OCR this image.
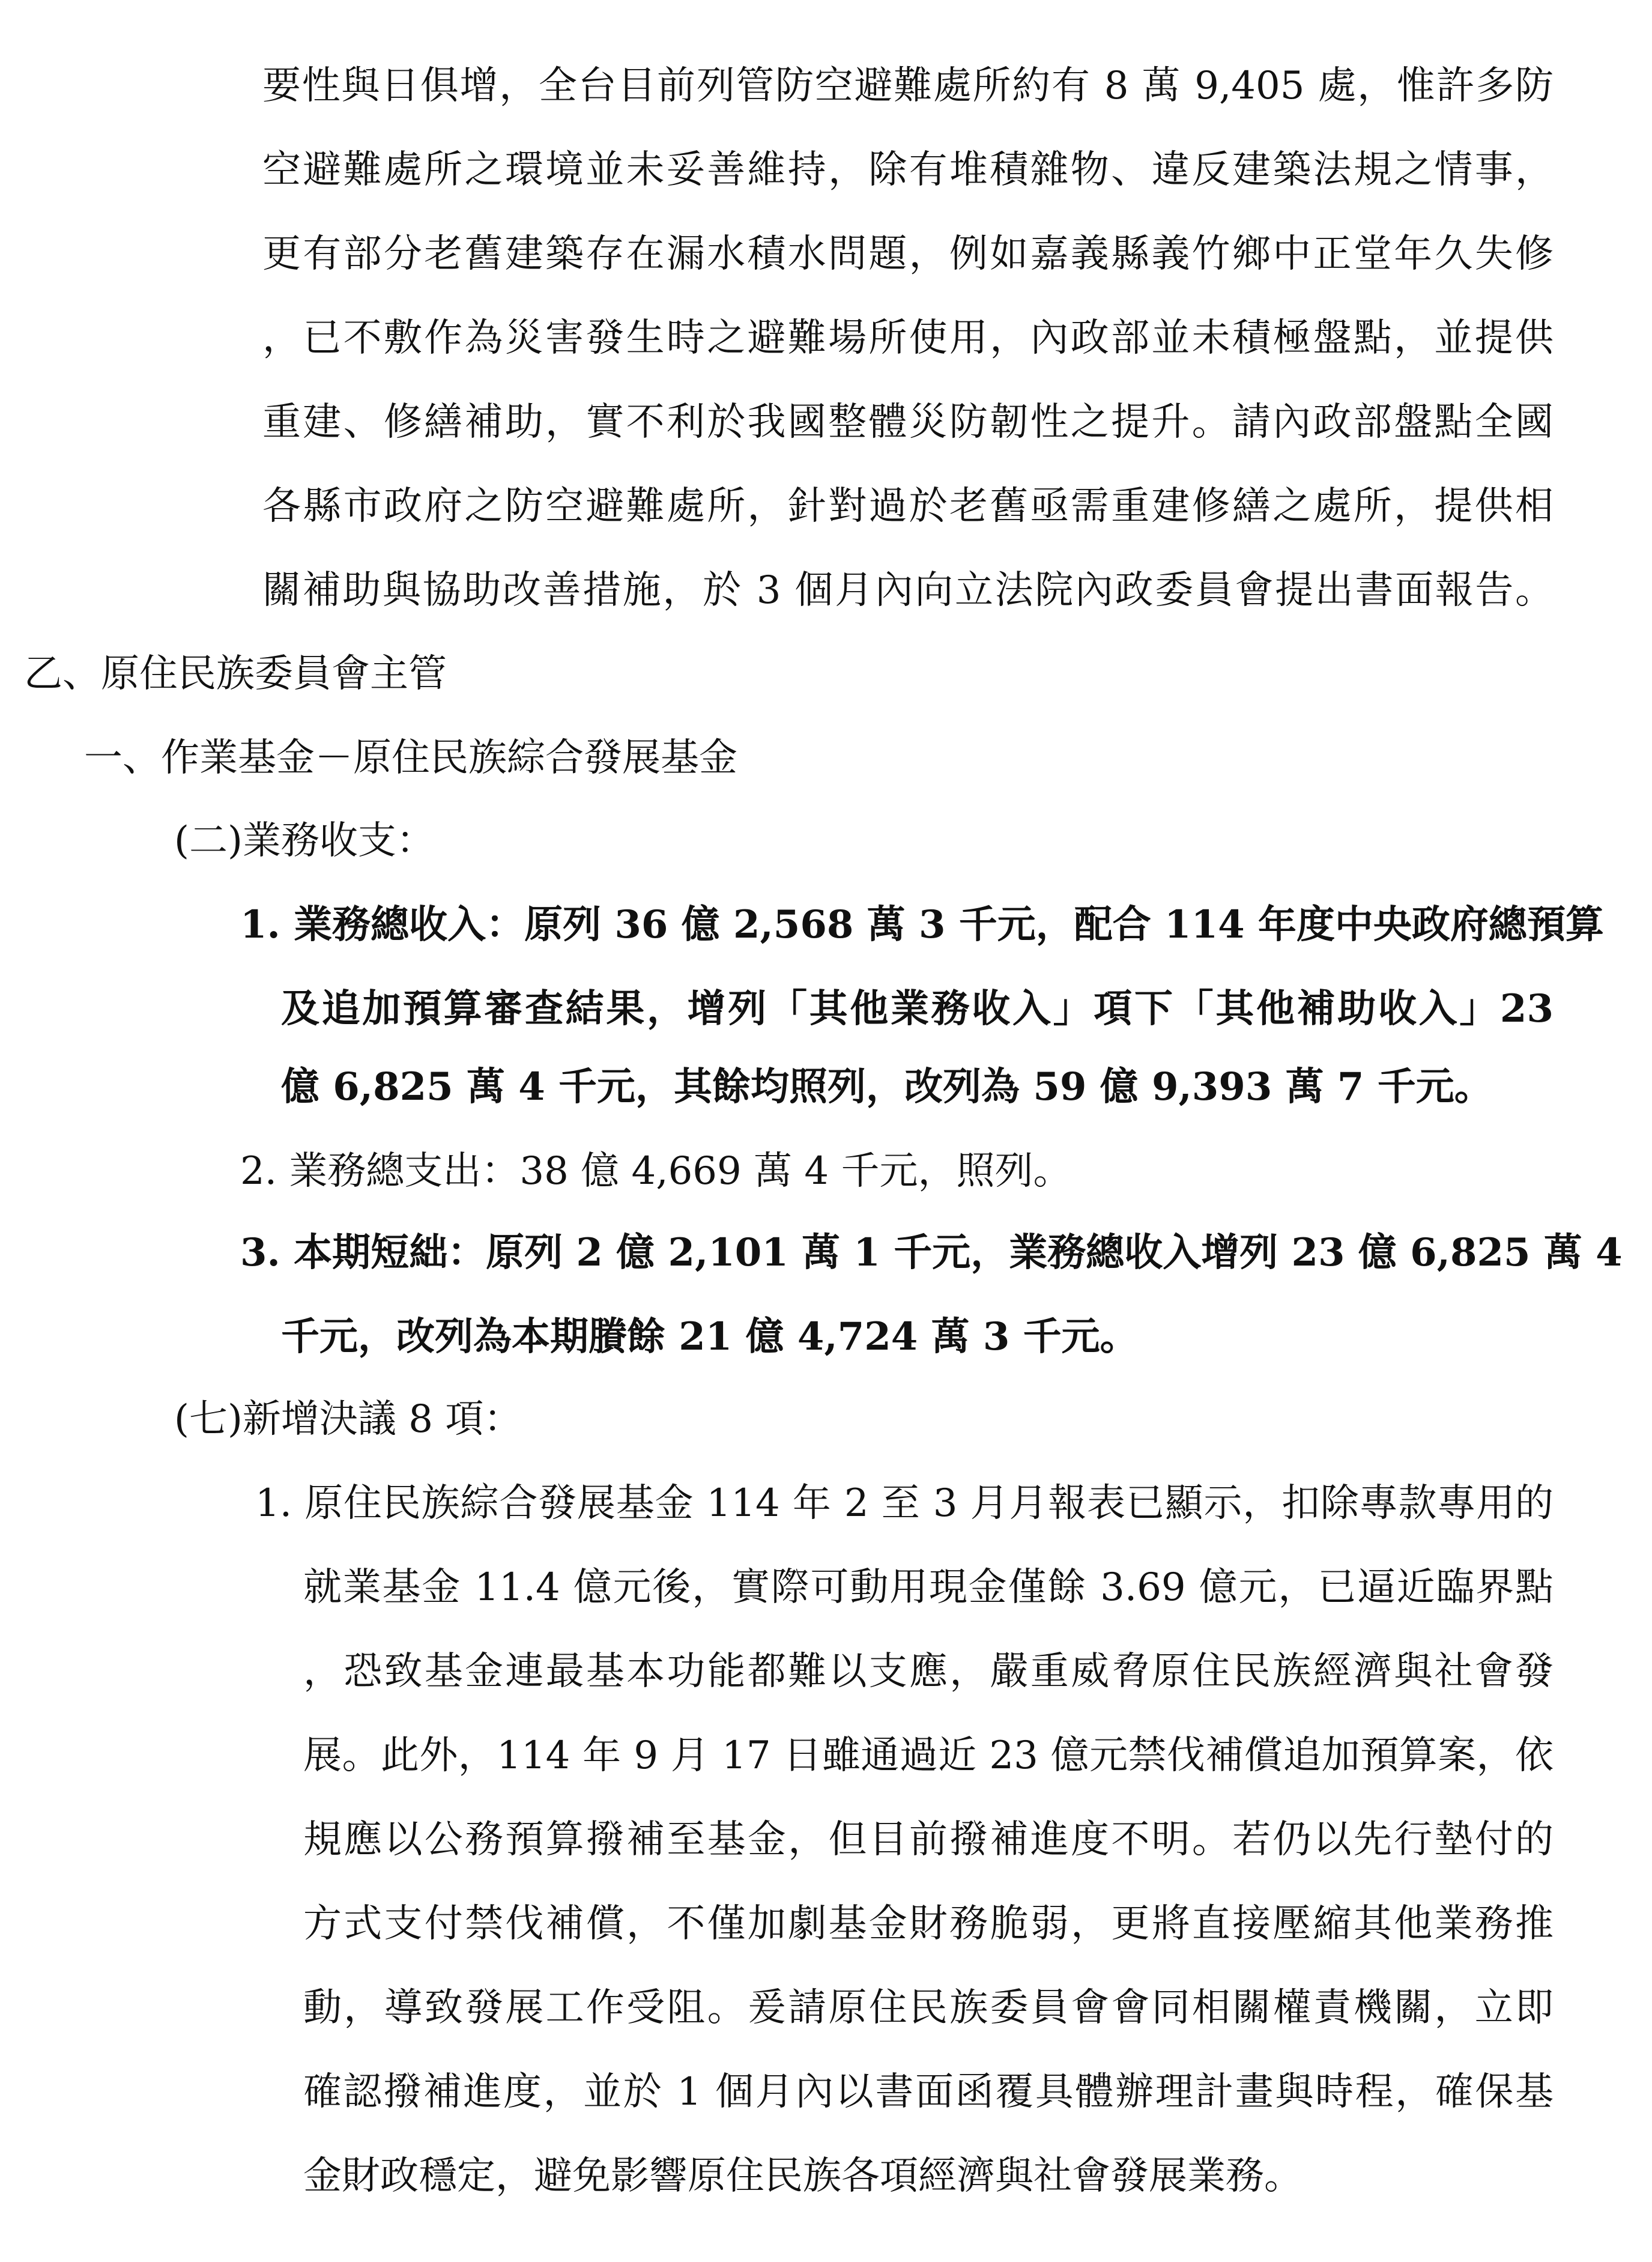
要性與日俱增，全台目前列管防空避難處所約有 8 萬 9,405 處，惟許多防
空避難處所之環境並未妥善維持，除有堆積雜物、違反建築法規之情事，
更有部分老舊建築存在漏水積水問題，例如嘉義縣義竹鄉中正堂年久失修
，已不敷作為災害發生時之避難場所使用，內政部並未積極盤點，並提供
重建、修繕補助，實不利於我國整體災防韌性之提升。請內政部盤點全國
各縣市政府之防空避難處所，針對過於老舊亟需重建修繕之處所，提供相
關補助與協助改善措施，於 3 個月內向立法院內政委員會提出書面報告。
乙、原住民族委員會主管
一、作業基金－原住民族綜合發展基金
(二)業務收支：
1. 業務總收入：原列 36 億 2,568 萬 3 千元，配合 114 年度中央政府總預算
及追加預算審查結果，增列「其他業務收入」項下「其他補助收入」23
億 6,825 萬 4 千元，其餘均照列，改列為 59 億 9,393 萬 7 千元。
2. 業務總支出：38 億 4,669 萬 4 千元，照列。
3. 本期短絀：原列 2 億 2,101 萬 1 千元，業務總收入增列 23 億 6,825 萬 4
千元，改列為本期賸餘 21 億 4,724 萬 3 千元。
(七)新增決議 8 項：
1. 原住民族綜合發展基金 114 年 2 至 3 月月報表已顯示，扣除專款專用的
就業基金 11.4 億元後，實際可動用現金僅餘 3.69 億元，已逼近臨界點
，恐致基金連最基本功能都難以支應，嚴重威脅原住民族經濟與社會發
展。此外，114 年 9 月 17 日雖通過近 23 億元禁伐補償追加預算案，依
規應以公務預算撥補至基金，但目前撥補進度不明。若仍以先行墊付的
方式支付禁伐補償，不僅加劇基金財務脆弱，更將直接壓縮其他業務推
動，導致發展工作受阻。爰請原住民族委員會會同相關權責機關，立即
確認撥補進度，並於 1 個月內以書面函覆具體辦理計畫與時程，確保基
金財政穩定，避免影響原住民族各項經濟與社會發展業務。
